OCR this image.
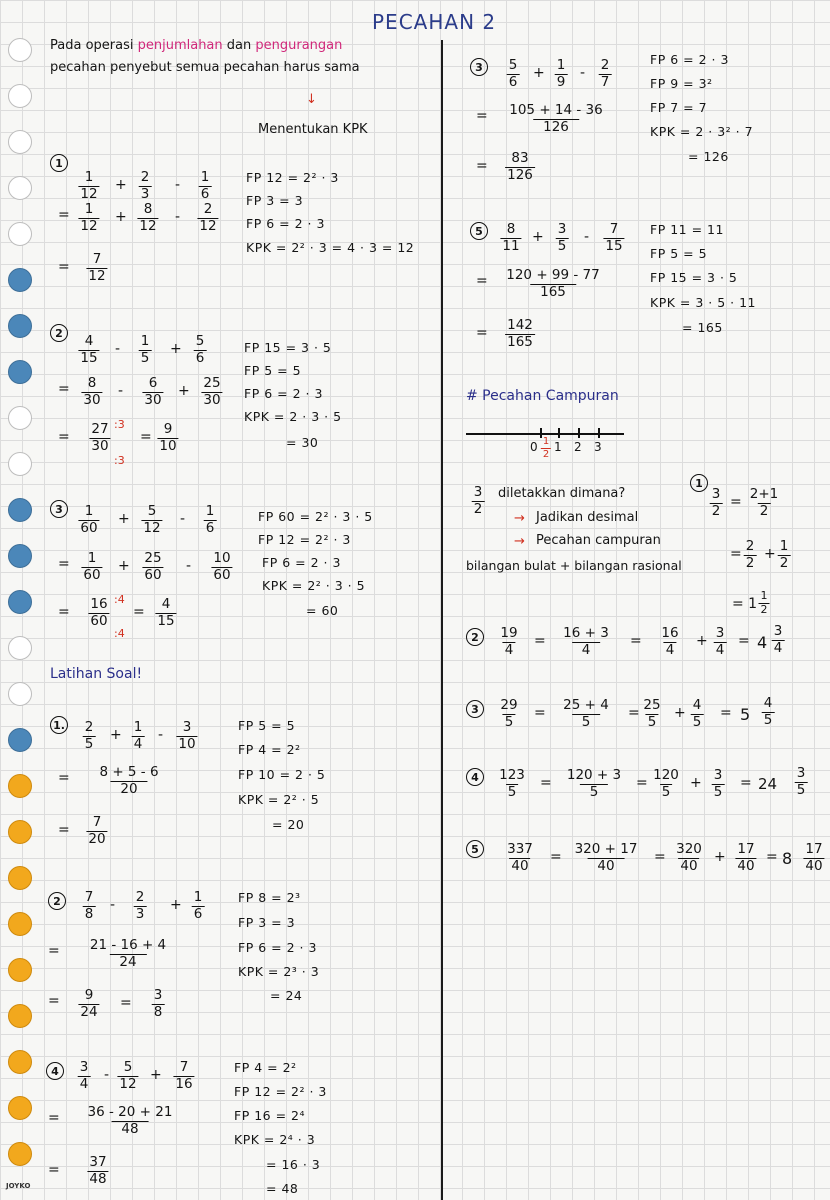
PECAHAN 2
Pada operasi penjumlahan dan pengurangan
pecahan penyebut semua pecahan harus sama
↓
Menentukan KPK
1
$\frac{1}{12} + \frac{2}{3} - \frac{1}{6}$
= $\frac{1}{12} + \frac{8}{12} - \frac{2}{12}$
= $\frac{7}{12}$
FP 12 = 2² · 3
FP 3 = 3
FP 6 = 2 · 3
KPK = 2² · 3 = 4 · 3 = 12
2
$\frac{4}{15} - \frac{1}{5} + \frac{5}{6}$
= $\frac{8}{30} - \frac{6}{30} + \frac{25}{30}$
= $\frac{27}{30}$ :3
:3
= $\frac{9}{10}$
FP 15 = 3 · 5
FP 5 = 5
FP 6 = 2 · 3
KPK = 2 · 3 · 5
= 30
3	$\frac{1}{60} + \frac{5}{12} - \frac{1}{6}$
= $\frac{1}{60} + \frac{25}{60} - \frac{10}{60}$
= $\frac{16}{60}$ :4
:4
= $\frac{4}{15}$
FP 60 = 2² · 3 · 5
FP 12 = 2² · 3
FP 6 = 2 · 3
KPK = 2² · 3 · 5
= 60
Latihan Soal!
1. $\frac{2}{5} + \frac{1}{4} - \frac{3}{10}$
= $\frac{8 + 5 - 6}{20}$
= $\frac{7}{20}$
FP 5 = 5
FP 4 = 2²
FP 10 = 2 · 5
KPK = 2² · 5
= 20
2	$\frac{7}{8} - \frac{2}{3} + \frac{1}{6}$
= $\frac{21 - 16 + 4}{24}$
= $\frac{9}{24} = \frac{3}{8}$
FP 8 = 2³
FP 3 = 3
FP 6 = 2 · 3
KPK = 2³ · 3
= 24
4	$\frac{3}{4} - \frac{5}{12} + \frac{7}{16}$
= $\frac{36 - 20 + 21}{48}$
= $\frac{37}{48}$
FP 4 = 2²
FP 12 = 2² · 3
FP 16 = 2⁴
KPK = 2⁴ · 3
= 16 · 3
= 48
JOYKO
3	$\frac{5}{6} + \frac{1}{9} - \frac{2}{7}$
= $\frac{105 + 14 - 36}{126}$
= $\frac{83}{126}$
FP 6 = 2 · 3
FP 9 = 3²
FP 7 = 7
KPK = 2 · 3² · 7
= 126
5	$\frac{8}{11} + \frac{3}{5} - \frac{7}{15}$
= $\frac{120 + 99 - 77}{165}$
= $\frac{142}{165}$
FP 11 = 11
FP 5 = 5
FP 15 = 3 · 5
KPK = 3 · 5 · 11
= 165
# Pecahan Campuran
$0 \frac{1}{2} 1$ 2 3
$\frac{3}{2}$ diletakkan dimana?
→ Jadikan desimal
→ Pecahan campuran
bilangan bulat + bilangan rasional
1
$\frac{3}{2} = \frac{2+1}{2}$
= $\frac{2}{2} + \frac{1}{2}$
= $1 \frac{1}{2}$
2	$\frac{19}{4} = \frac{16 + 3}{4} = \frac{16}{4} + \frac{3}{4} = 4 \frac{3}{4}$
3	$\frac{29}{5} = \frac{25 + 4}{5} = \frac{25}{5} + \frac{4}{5} = 5 \frac{4}{5}$
4	$\frac{123}{5} = \frac{120 + 3}{5} = \frac{120}{5} + \frac{3}{5} = 24 \frac{3}{5}$
5	$\frac{337}{40} = \frac{320 + 17}{40} = \frac{320}{40} + \frac{17}{40} = 8 \frac{17}{40}$
